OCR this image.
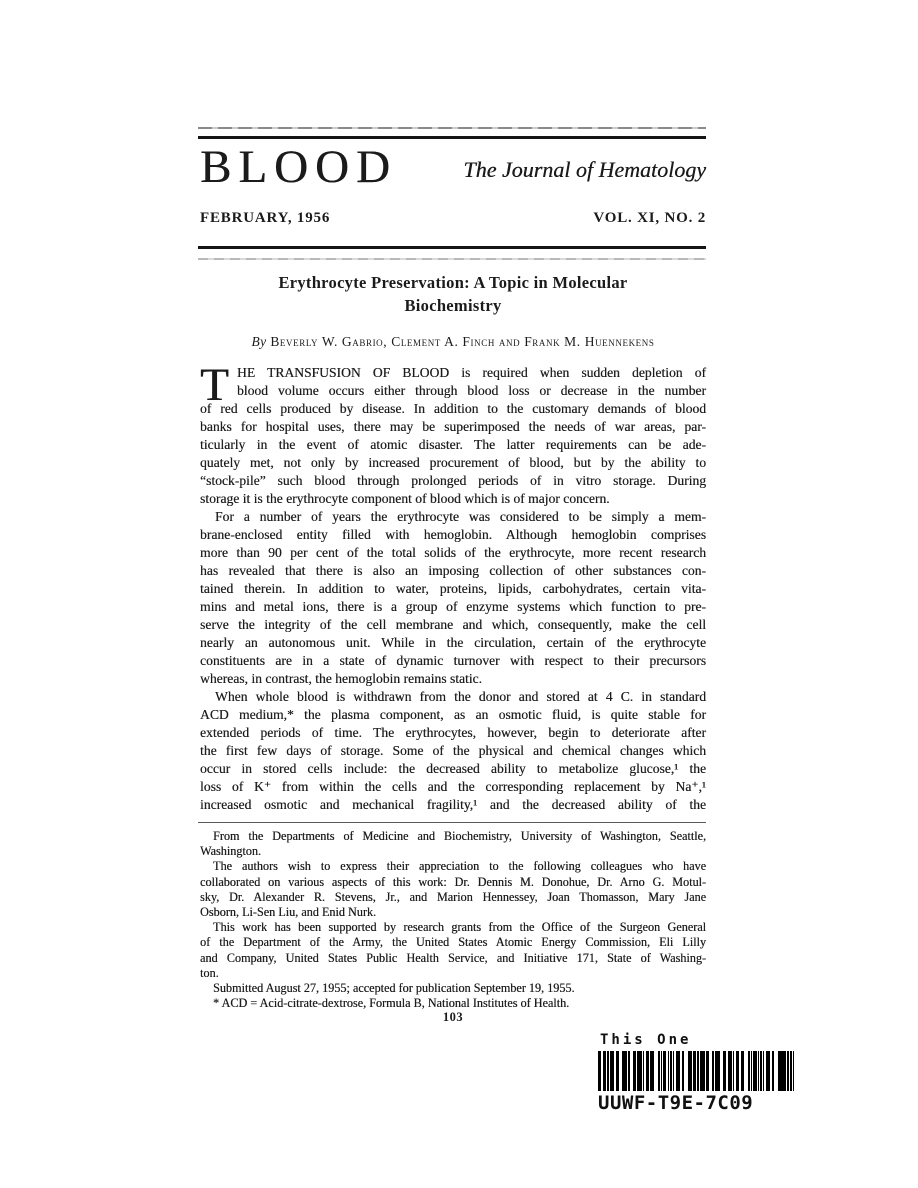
BLOOD	The Journal of Hematology
FEBRUARY, 1956	VOL. XI, NO. 2
Erythrocyte Preservation: A Topic in Molecular
Biochemistry
By Beverly W. Gabrio, Clement A. Finch and Frank M. Huennekens
T HE TRANSFUSION OF BLOOD is required when sudden depletion of
blood volume occurs either through blood loss or decrease in the number
of red cells produced by disease. In addition to the customary demands of blood
banks for hospital uses, there may be superimposed the needs of war areas, par-
ticularly in the event of atomic disaster. The latter requirements can be ade-
quately met, not only by increased procurement of blood, but by the ability to
“stock-pile” such blood through prolonged periods of in vitro storage. During
storage it is the erythrocyte component of blood which is of major concern.
For a number of years the erythrocyte was considered to be simply a mem-
brane-enclosed entity filled with hemoglobin. Although hemoglobin comprises
more than 90 per cent of the total solids of the erythrocyte, more recent research
has revealed that there is also an imposing collection of other substances con-
tained therein. In addition to water, proteins, lipids, carbohydrates, certain vita-
mins and metal ions, there is a group of enzyme systems which function to pre-
serve the integrity of the cell membrane and which, consequently, make the cell
nearly an autonomous unit. While in the circulation, certain of the erythrocyte
constituents are in a state of dynamic turnover with respect to their precursors
whereas, in contrast, the hemoglobin remains static.
When whole blood is withdrawn from the donor and stored at 4 C. in standard
ACD medium,* the plasma component, as an osmotic fluid, is quite stable for
extended periods of time. The erythrocytes, however, begin to deteriorate after
the first few days of storage. Some of the physical and chemical changes which
occur in stored cells include: the decreased ability to metabolize glucose,¹ the
loss of K⁺ from within the cells and the corresponding replacement by Na⁺,¹
increased osmotic and mechanical fragility,¹ and the decreased ability of the
From the Departments of Medicine and Biochemistry, University of Washington, Seattle,
Washington.
The authors wish to express their appreciation to the following colleagues who have
collaborated on various aspects of this work: Dr. Dennis M. Donohue, Dr. Arno G. Motul-
sky, Dr. Alexander R. Stevens, Jr., and Marion Hennessey, Joan Thomasson, Mary Jane
Osborn, Li-Sen Liu, and Enid Nurk.
This work has been supported by research grants from the Office of the Surgeon General
of the Department of the Army, the United States Atomic Energy Commission, Eli Lilly
and Company, United States Public Health Service, and Initiative 171, State of Washing-
ton.
Submitted August 27, 1955; accepted for publication September 19, 1955.
* ACD = Acid-citrate-dextrose, Formula B, National Institutes of Health.
103
This One
UUWF-T9E-7C09
